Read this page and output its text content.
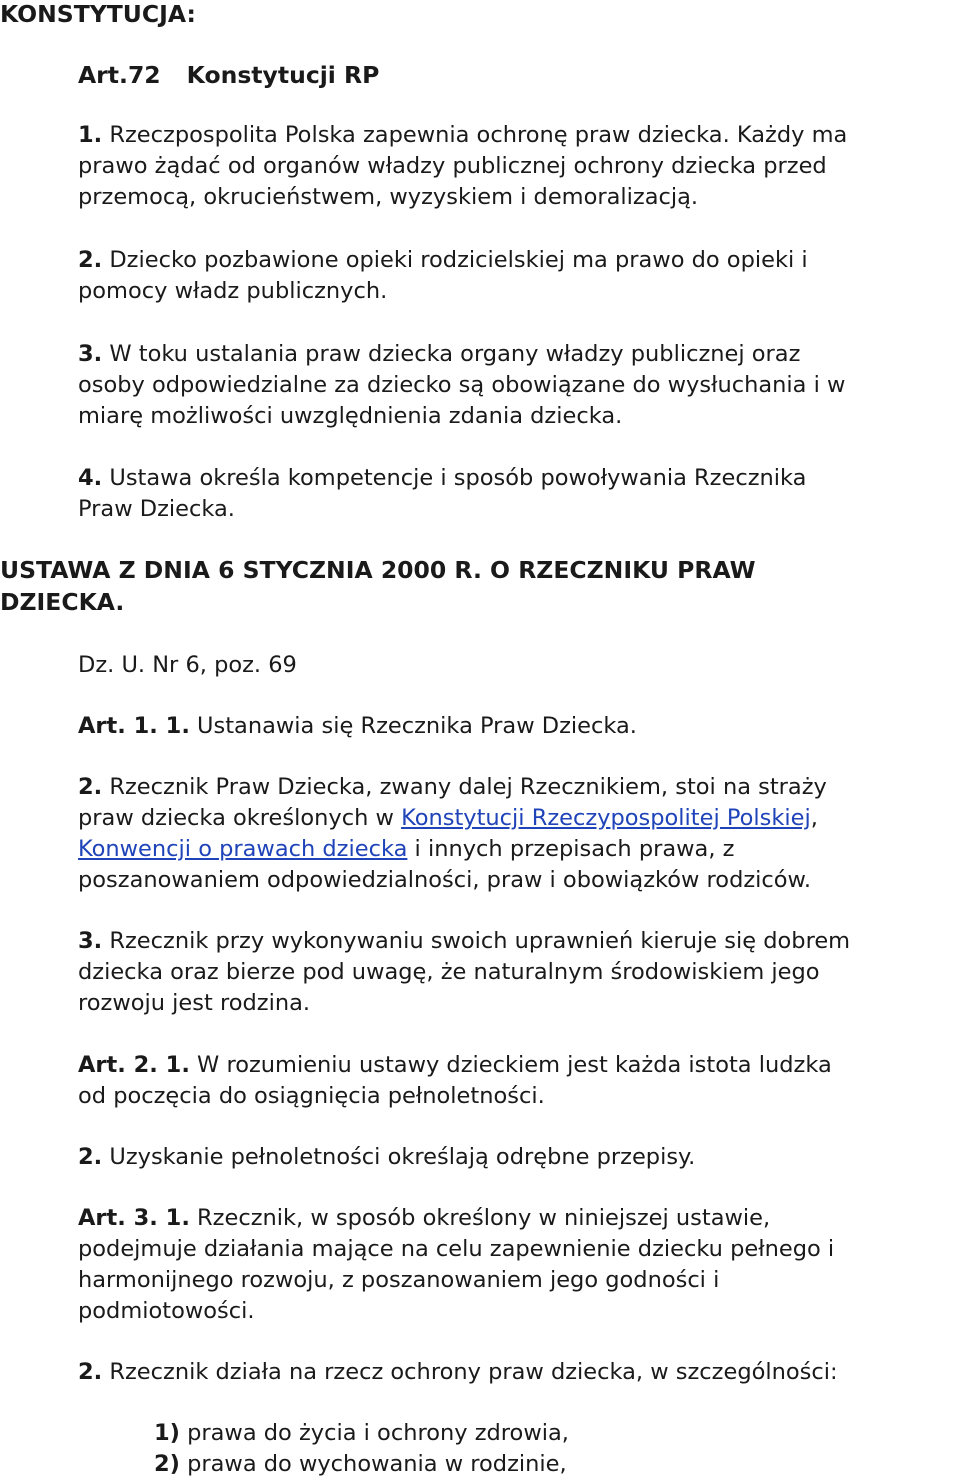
KONSTYTUCJA:
Art.72 Konstytucji RP
1. Rzeczpospolita Polska zapewnia ochronę praw dziecka. Każdy ma
prawo żądać od organów władzy publicznej ochrony dziecka przed
przemocą, okrucieństwem, wyzyskiem i demoralizacją.
2. Dziecko pozbawione opieki rodzicielskiej ma prawo do opieki i
pomocy władz publicznych.
3. W toku ustalania praw dziecka organy władzy publicznej oraz
osoby odpowiedzialne za dziecko są obowiązane do wysłuchania i w
miarę możliwości uwzględnienia zdania dziecka.
4. Ustawa określa kompetencje i sposób powoływania Rzecznika
Praw Dziecka.
USTAWA Z DNIA 6 STYCZNIA 2000 R. O RZECZNIKU PRAW
DZIECKA.
Dz. U. Nr 6, poz. 69
Art. 1. 1. Ustanawia się Rzecznika Praw Dziecka.
2. Rzecznik Praw Dziecka, zwany dalej Rzecznikiem, stoi na straży
praw dziecka określonych w Konstytucji Rzeczypospolitej Polskiej,
Konwencji o prawach dziecka i innych przepisach prawa, z
poszanowaniem odpowiedzialności, praw i obowiązków rodziców.
3. Rzecznik przy wykonywaniu swoich uprawnień kieruje się dobrem
dziecka oraz bierze pod uwagę, że naturalnym środowiskiem jego
rozwoju jest rodzina.
Art. 2. 1. W rozumieniu ustawy dzieckiem jest każda istota ludzka
od poczęcia do osiągnięcia pełnoletności.
2. Uzyskanie pełnoletności określają odrębne przepisy.
Art. 3. 1. Rzecznik, w sposób określony w niniejszej ustawie,
podejmuje działania mające na celu zapewnienie dziecku pełnego i
harmonijnego rozwoju, z poszanowaniem jego godności i
podmiotowości.
2. Rzecznik działa na rzecz ochrony praw dziecka, w szczególności:
1) prawa do życia i ochrony zdrowia,
2) prawa do wychowania w rodzinie,
